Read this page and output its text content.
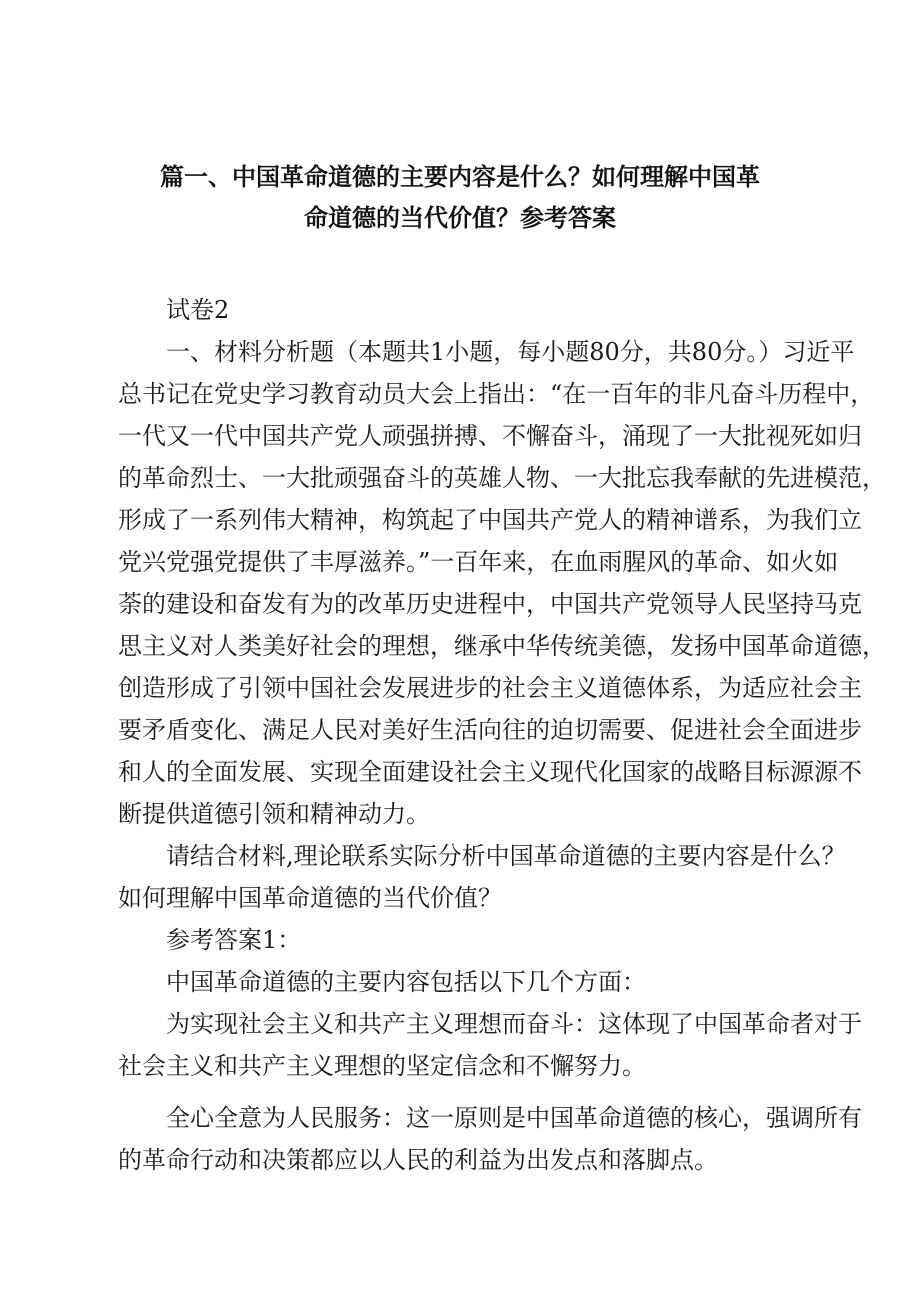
篇一、中国革命道德的主要内容是什么？如何理解中国革
命道德的当代价值？参考答案
试卷2
一、材料分析题（本题共1小题，每小题80分，共80分。）习近平
总书记在党史学习教育动员大会上指出：“在一百年的非凡奋斗历程中，
一代又一代中国共产党人顽强拼搏、不懈奋斗，涌现了一大批视死如归
的革命烈士、一大批顽强奋斗的英雄人物、一大批忘我奉献的先进模范，
形成了一系列伟大精神，构筑起了中国共产党人的精神谱系，为我们立
党兴党强党提供了丰厚滋养。”一百年来，在血雨腥风的革命、如火如
荼的建设和奋发有为的改革历史进程中，中国共产党领导人民坚持马克
思主义对人类美好社会的理想，继承中华传统美德，发扬中国革命道德，
创造形成了引领中国社会发展进步的社会主义道德体系，为适应社会主
要矛盾变化、满足人民对美好生活向往的迫切需要、促进社会全面进步
和人的全面发展、实现全面建设社会主义现代化国家的战略目标源源不
断提供道德引领和精神动力。
请结合材料,理论联系实际分析中国革命道德的主要内容是什么？
如何理解中国革命道德的当代价值？
参考答案1：
中国革命道德的主要内容包括以下几个方面：
为实现社会主义和共产主义理想而奋斗：这体现了中国革命者对于
社会主义和共产主义理想的坚定信念和不懈努力。
全心全意为人民服务：这一原则是中国革命道德的核心，强调所有
的革命行动和决策都应以人民的利益为出发点和落脚点。
